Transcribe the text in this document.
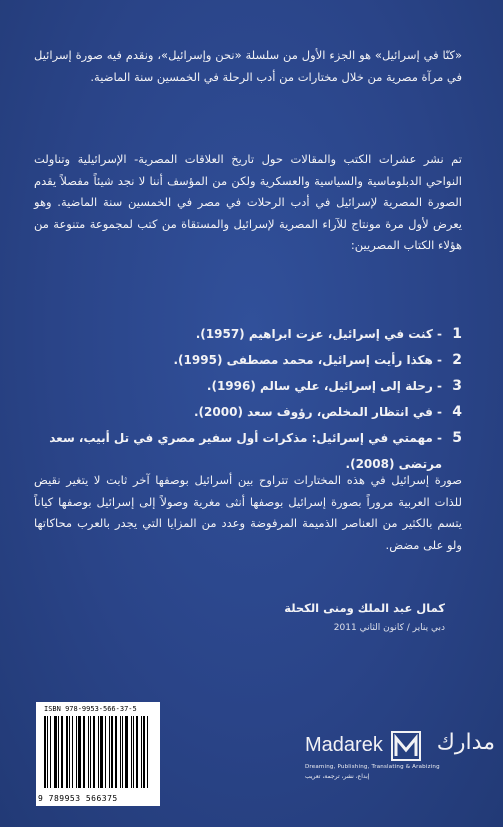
«كنّا في إسرائيل» هو الجزء الأول من سلسلة «نحن وإسرائيل»، ونقدم فيه صورة إسرائيل في مرآة مصرية من خلال مختارات من أدب الرحلة في الخمسين سنة الماضية.
تم نشر عشرات الكتب والمقالات حول تاريخ العلاقات المصرية- الإسرائيلية وتناولت النواحي الدبلوماسية والسياسية والعسكرية ولكن من المؤسف أننا لا نجد شيئاً مفصلاً يقدم الصورة المصرية لإسرائيل في أدب الرحلات في مصر في الخمسين سنة الماضية. وهو يعرض لأول مرة مونتاج للآراء المصرية لإسرائيل والمستقاة من كتب لمجموعة متنوعة من هؤلاء الكتاب المصريين:
1
- كنت في إسرائيل، عزت ابراهيم (1957).
2
- هكذا رأيت إسرائيل، محمد مصطفى (1995).
3
- رحلة إلى إسرائيل، علي سالم (1996).
4
- في انتظار المخلص، رؤوف سعد (2000).
5
- مهمتي في إسرائيل: مذكرات أول سفير مصري في تل أبيب، سعد مرتضى (2008).
صورة إسرائيل في هذه المختارات تتراوح بين أسرائيل بوصفها آخر ثابت لا يتغير نقيض للذات العربية مروراً بصورة إسرائيل بوصفها أنثى مغرية وصولاً إلى إسرائيل بوصفها كياناً يتسم بالكثير من العناصر الذميمة المرفوضة وعدد من المزايا التي يجدر بالعرب محاكاتها ولو على مضض.
كمال عبد الملك ومنى الكحلة
دبي يناير / كانون الثاني 2011
ISBN 978-9953-566-37-5
9 789953 566375
Madarek مدارك
Dreaming, Publishing, Translating & Arabizing
إبداع، نشر، ترجمة، تعريب
